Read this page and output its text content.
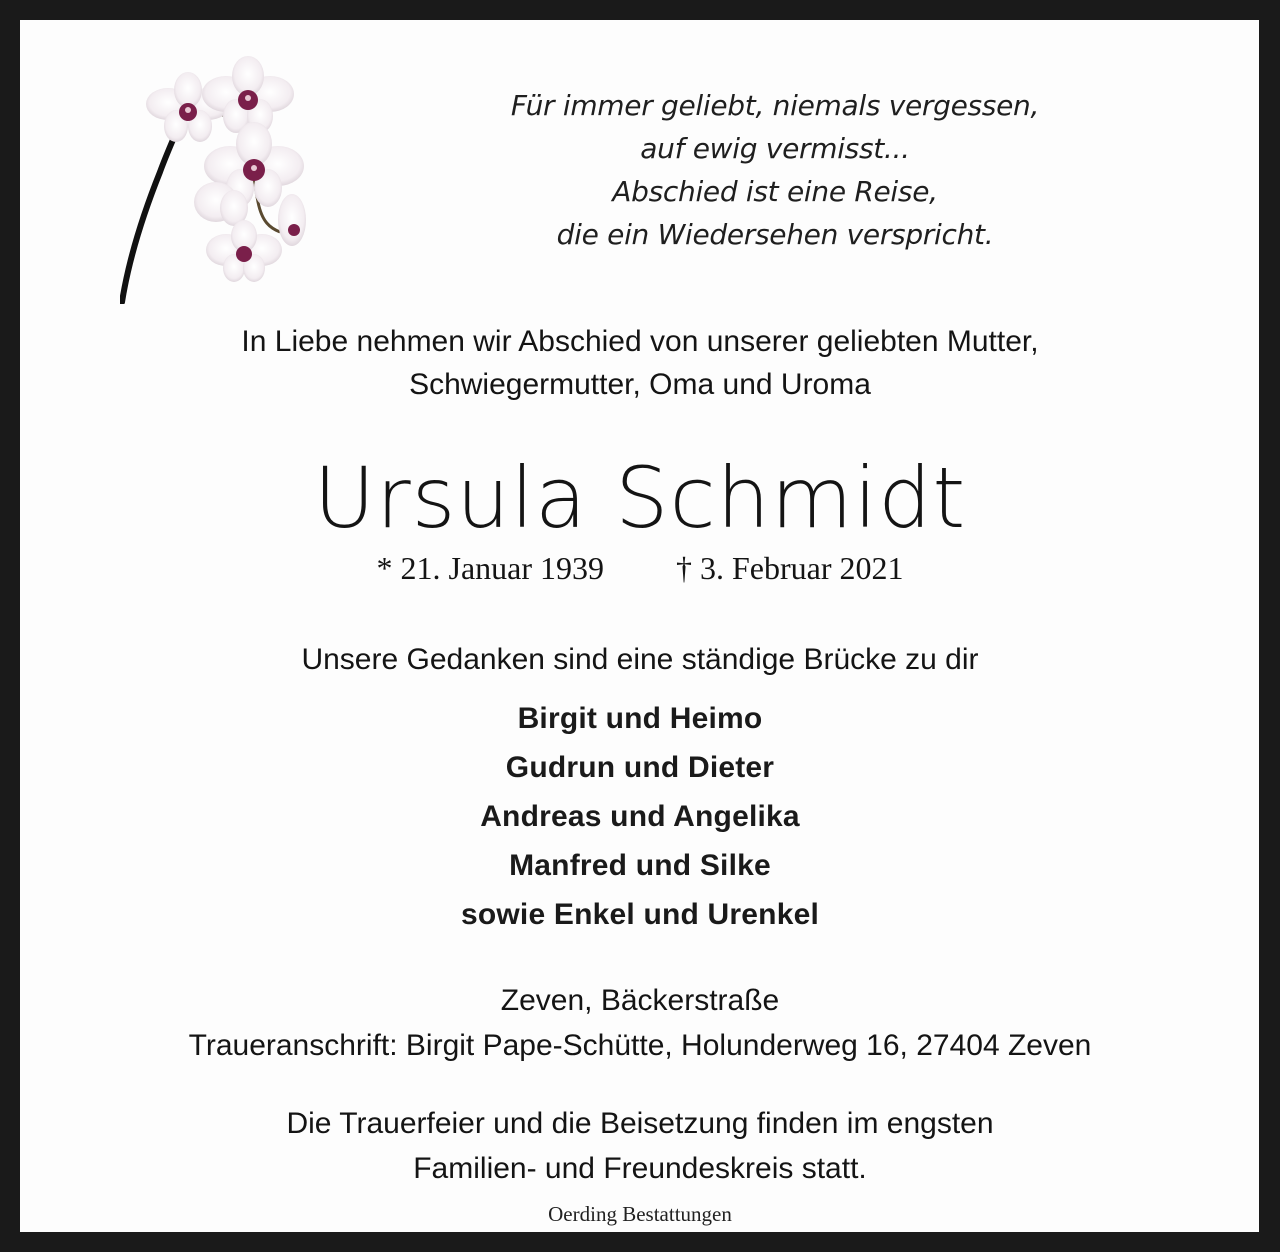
Für immer geliebt, niemals vergessen,
auf ewig vermisst...
Abschied ist eine Reise,
die ein Wiedersehen verspricht.
In Liebe nehmen wir Abschied von unserer geliebten Mutter,
Schwiegermutter, Oma und Uroma
Ursula Schmidt
* 21. Januar 1939 † 3. Februar 2021
Unsere Gedanken sind eine ständige Brücke zu dir
Birgit und Heimo
Gudrun und Dieter
Andreas und Angelika
Manfred und Silke
sowie Enkel und Urenkel
Zeven, Bäckerstraße
Traueranschrift: Birgit Pape-Schütte, Holunderweg 16, 27404 Zeven
Die Trauerfeier und die Beisetzung finden im engsten
Familien- und Freundeskreis statt.
Oerding Bestattungen
